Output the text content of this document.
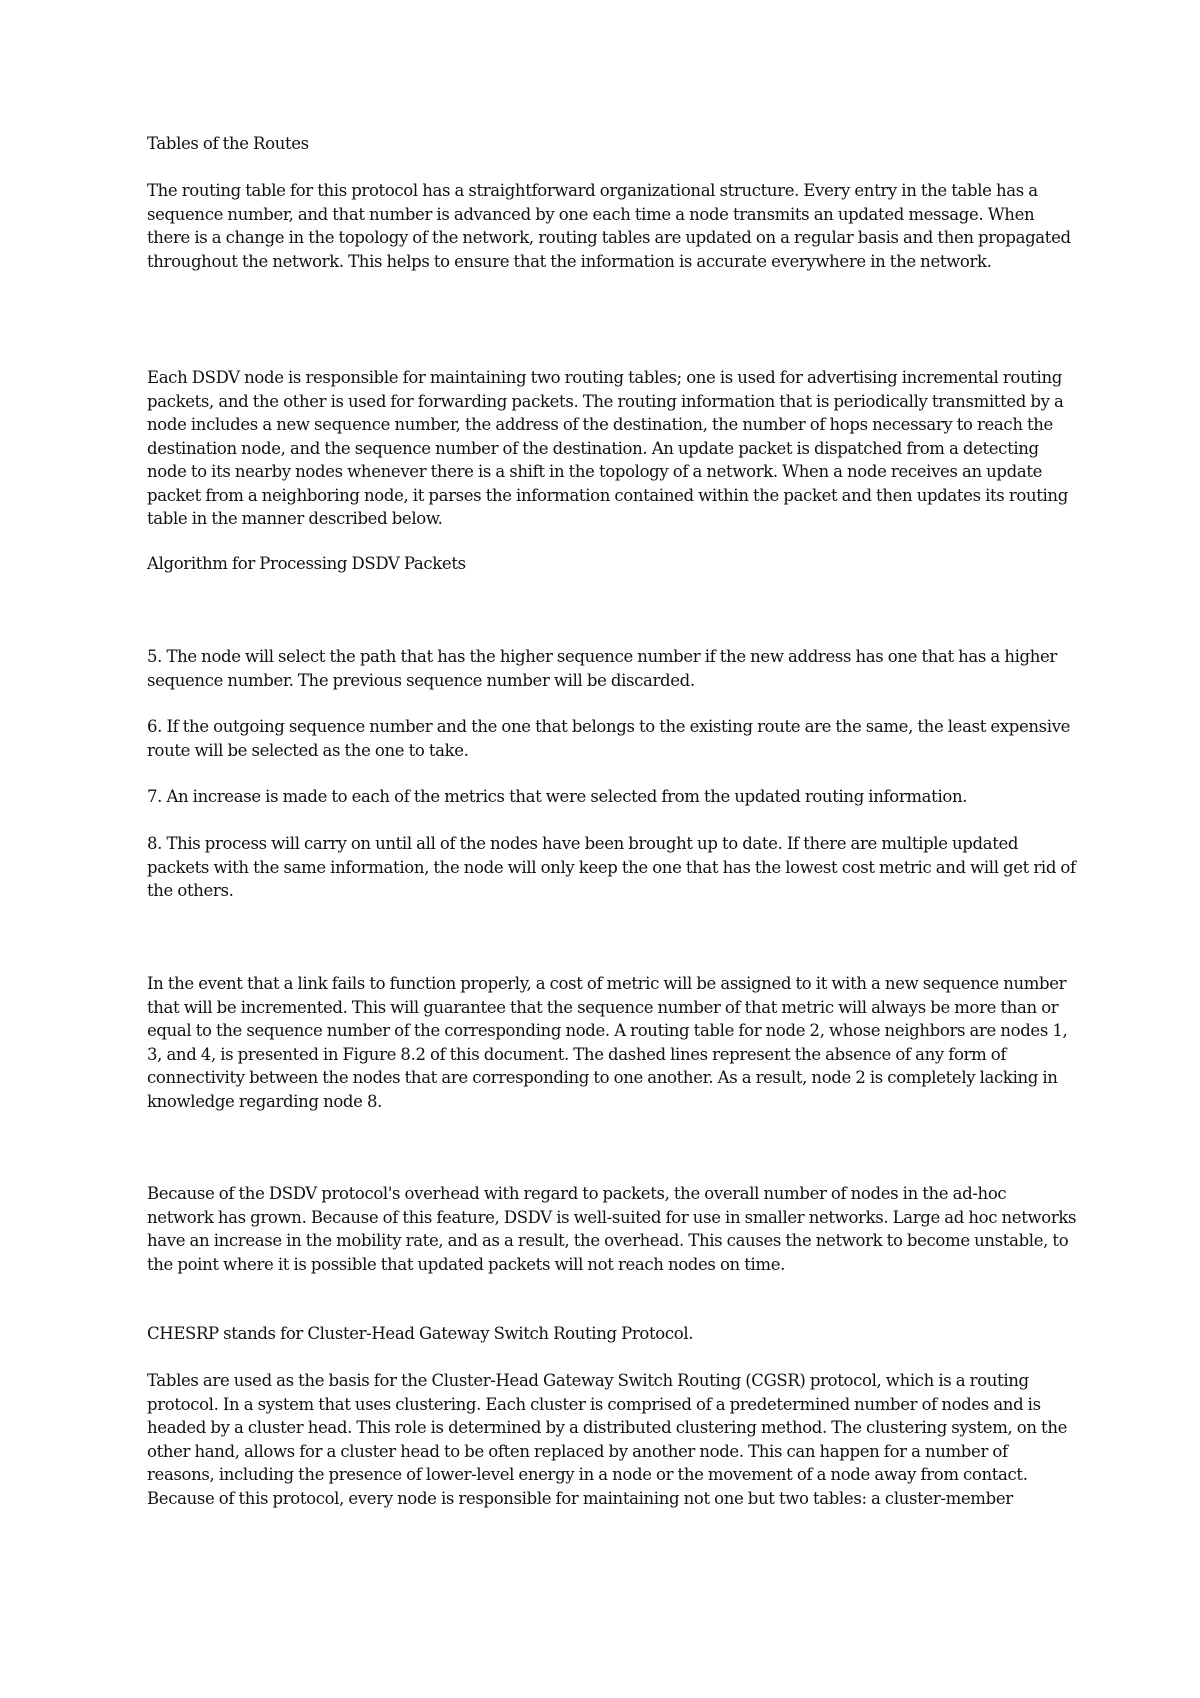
Tables of the Routes
The routing table for this protocol has a straightforward organizational structure. Every entry in the table has a sequence number, and that number is advanced by one each time a node transmits an updated message. When there is a change in the topology of the network, routing tables are updated on a regular basis and then propagated throughout the network. This helps to ensure that the information is accurate everywhere in the network.
Each DSDV node is responsible for maintaining two routing tables; one is used for advertising incremental routing packets, and the other is used for forwarding packets. The routing information that is periodically transmitted by a node includes a new sequence number, the address of the destination, the number of hops necessary to reach the destination node, and the sequence number of the destination. An update packet is dispatched from a detecting node to its nearby nodes whenever there is a shift in the topology of a network. When a node receives an update packet from a neighboring node, it parses the information contained within the packet and then updates its routing table in the manner described below.
Algorithm for Processing DSDV Packets
5. The node will select the path that has the higher sequence number if the new address has one that has a higher sequence number. The previous sequence number will be discarded.
6. If the outgoing sequence number and the one that belongs to the existing route are the same, the least expensive route will be selected as the one to take.
7. An increase is made to each of the metrics that were selected from the updated routing information.
8. This process will carry on until all of the nodes have been brought up to date. If there are multiple updated packets with the same information, the node will only keep the one that has the lowest cost metric and will get rid of the others.
In the event that a link fails to function properly, a cost of metric will be assigned to it with a new sequence number that will be incremented. This will guarantee that the sequence number of that metric will always be more than or equal to the sequence number of the corresponding node. A routing table for node 2, whose neighbors are nodes 1, 3, and 4, is presented in Figure 8.2 of this document. The dashed lines represent the absence of any form of connectivity between the nodes that are corresponding to one another. As a result, node 2 is completely lacking in knowledge regarding node 8.
Because of the DSDV protocol's overhead with regard to packets, the overall number of nodes in the ad-hoc network has grown. Because of this feature, DSDV is well-suited for use in smaller networks. Large ad hoc networks have an increase in the mobility rate, and as a result, the overhead. This causes the network to become unstable, to the point where it is possible that updated packets will not reach nodes on time.
CHESRP stands for Cluster-Head Gateway Switch Routing Protocol.
Tables are used as the basis for the Cluster-Head Gateway Switch Routing (CGSR) protocol, which is a routing protocol. In a system that uses clustering. Each cluster is comprised of a predetermined number of nodes and is headed by a cluster head. This role is determined by a distributed clustering method. The clustering system, on the other hand, allows for a cluster head to be often replaced by another node. This can happen for a number of reasons, including the presence of lower-level energy in a node or the movement of a node away from contact. Because of this protocol, every node is responsible for maintaining not one but two tables: a cluster-member
